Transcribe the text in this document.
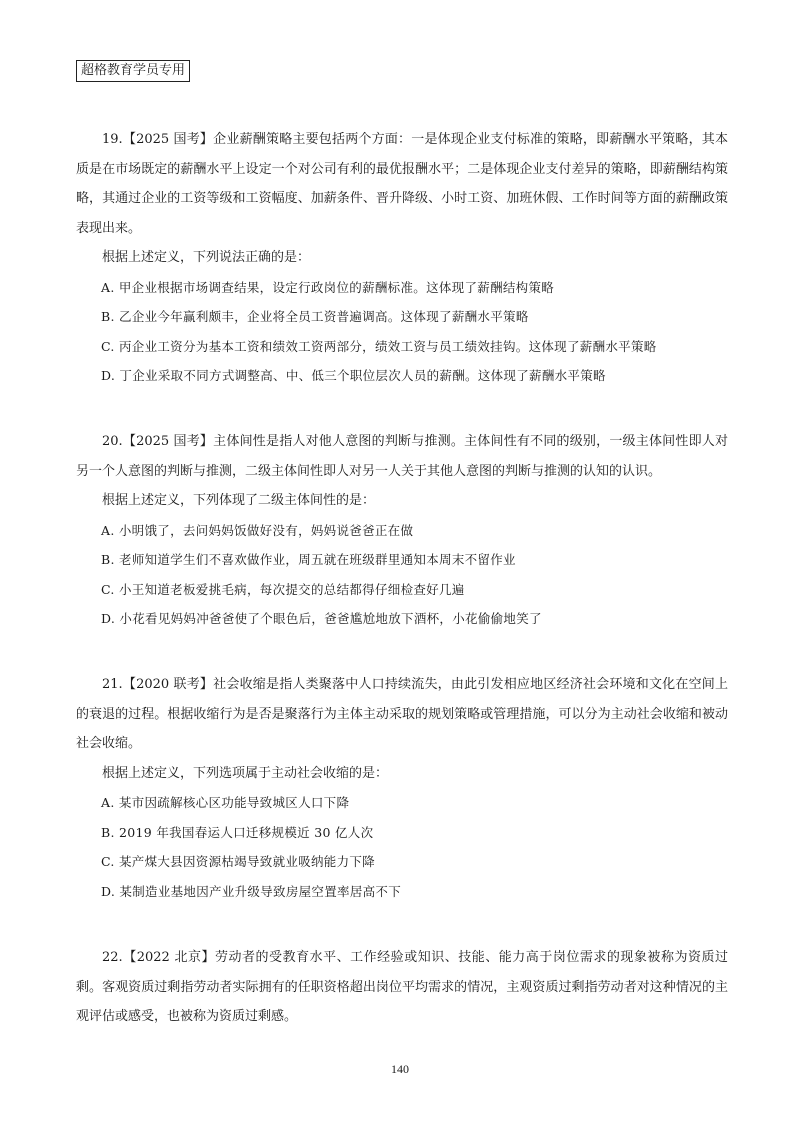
超格教育学员专用

19.【2025 国考】企业薪酬策略主要包括两个方面：一是体现企业支付标准的策略，即薪酬水平策略，其本质是在市场既定的薪酬水平上设定一个对公司有利的最优报酬水平；二是体现企业支付差异的策略，即薪酬结构策略，其通过企业的工资等级和工资幅度、加薪条件、晋升降级、小时工资、加班休假、工作时间等方面的薪酬政策表现出来。

根据上述定义，下列说法正确的是：

A. 甲企业根据市场调查结果，设定行政岗位的薪酬标准。这体现了薪酬结构策略

B. 乙企业今年赢利颇丰，企业将全员工资普遍调高。这体现了薪酬水平策略

C. 丙企业工资分为基本工资和绩效工资两部分，绩效工资与员工绩效挂钩。这体现了薪酬水平策略

D. 丁企业采取不同方式调整高、中、低三个职位层次人员的薪酬。这体现了薪酬水平策略

20.【2025 国考】主体间性是指人对他人意图的判断与推测。主体间性有不同的级别，一级主体间性即人对另一个人意图的判断与推测，二级主体间性即人对另一人关于其他人意图的判断与推测的认知的认识。

根据上述定义，下列体现了二级主体间性的是：

A. 小明饿了，去问妈妈饭做好没有，妈妈说爸爸正在做

B. 老师知道学生们不喜欢做作业，周五就在班级群里通知本周末不留作业

C. 小王知道老板爱挑毛病，每次提交的总结都得仔细检查好几遍

D. 小花看见妈妈冲爸爸使了个眼色后，爸爸尴尬地放下酒杯，小花偷偷地笑了

21.【2020 联考】社会收缩是指人类聚落中人口持续流失，由此引发相应地区经济社会环境和文化在空间上的衰退的过程。根据收缩行为是否是聚落行为主体主动采取的规划策略或管理措施，可以分为主动社会收缩和被动社会收缩。

根据上述定义，下列选项属于主动社会收缩的是：

A. 某市因疏解核心区功能导致城区人口下降

B. 2019 年我国春运人口迁移规模近 30 亿人次

C. 某产煤大县因资源枯竭导致就业吸纳能力下降

D. 某制造业基地因产业升级导致房屋空置率居高不下

22.【2022 北京】劳动者的受教育水平、工作经验或知识、技能、能力高于岗位需求的现象被称为资质过剩。客观资质过剩指劳动者实际拥有的任职资格超出岗位平均需求的情况，主观资质过剩指劳动者对这种情况的主观评估或感受，也被称为资质过剩感。

140
